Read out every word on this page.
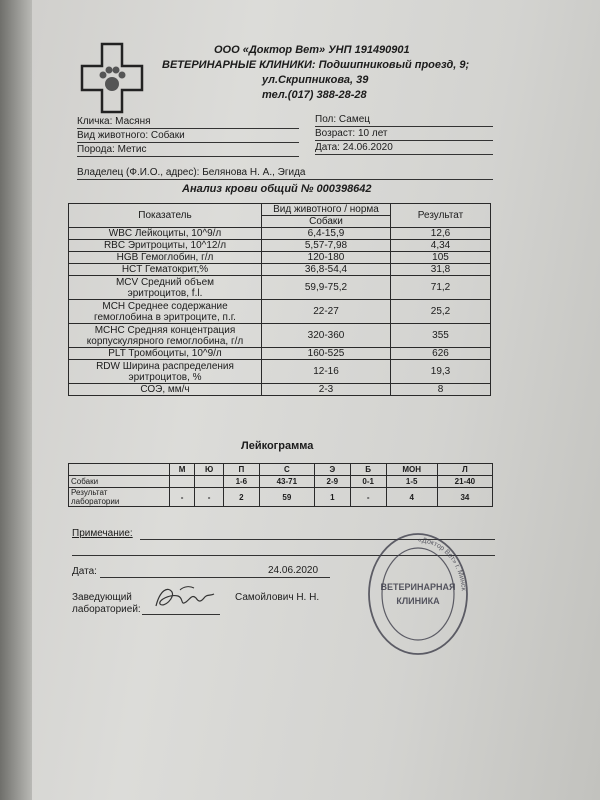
ООО «Доктор Вет» УНП 191490901
ВЕТЕРИНАРНЫЕ КЛИНИКИ: Подшипниковый проезд, 9;
ул.Скрипникова, 39
тел.(017) 388-28-28
Кличка: Масяня
Вид животного: Собаки
Порода: Метис
Пол: Самец
Возраст: 10 лет
Дата: 24.06.2020
Владелец (Ф.И.О., адрес): Белянова Н. А., Эгида
Анализ крови общий № 000398642
Показатель	Вид животного / норма	Результат
	Собаки	
WBC Лейкоциты, 10^9/л	6,4-15,9	12,6
RBC Эритроциты, 10^12/л	5,57-7,98	4,34
HGB Гемоглобин, г/л	120-180	105
HCT Гематокрит,%	36,8-54,4	31,8

MCV Средний объем
эритроцитов, f.l.	59,9-75,2	71,2

MCH Среднее содержание
гемоглобина в эритроците, п.г.	22-27	25,2

MCHC Средняя концентрация
корпускулярного гемоглобина, г/л	320-360	355
PLT Тромбоциты, 10^9/л	160-525	626

RDW Ширина распределения
эритроцитов, %	12-16	19,3
СОЭ, мм/ч	2-3	8
Лейкограмма
	М	Ю	П	С	Э	Б	МОН	Л
Собаки			1-6	43-71	2-9	0-1	1-5	21-40

Результат
лаборатории	-	-	2	59	1	-	4	34
Примечание:
Дата:	24.06.2020
Заведующий
лабораторией:
Самойлович Н. Н.
«Доктор Вет» г. Минск
ВЕТЕРИНАРНАЯ
КЛИНИКА
